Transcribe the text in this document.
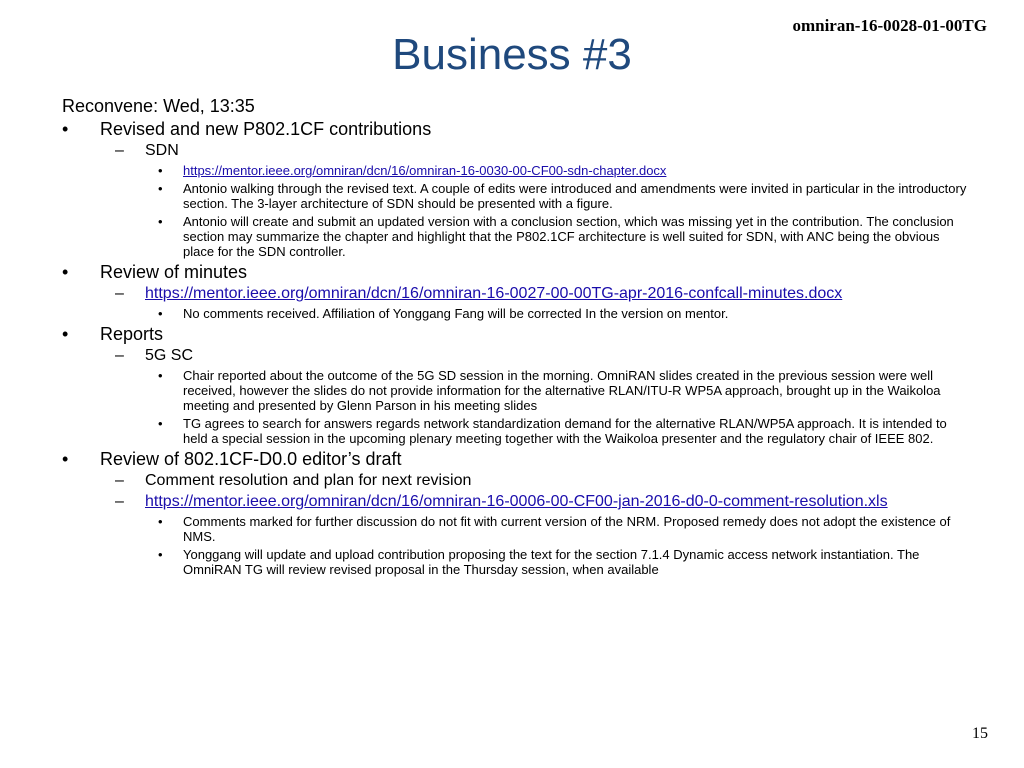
omniran-16-0028-01-00TG
Business #3
Reconvene: Wed, 13:35
• Revised and new P802.1CF contributions
– SDN
• https://mentor.ieee.org/omniran/dcn/16/omniran-16-0030-00-CF00-sdn-chapter.docx
• Antonio walking through the revised text. A couple of edits were introduced and amendments were invited in particular in the introductory section. The 3-layer architecture of SDN should be presented with a figure.
• Antonio will create and submit an updated version with a conclusion section, which was missing yet in the contribution. The conclusion section may summarize the chapter and highlight that the P802.1CF architecture is well suited for SDN, with ANC being the obvious place for the SDN controller.
• Review of minutes
– https://mentor.ieee.org/omniran/dcn/16/omniran-16-0027-00-00TG-apr-2016-confcall-minutes.docx
• No comments received. Affiliation of Yonggang Fang will be corrected In the version on mentor.
• Reports
– 5G SC
• Chair reported about the outcome of the 5G SD session in the morning. OmniRAN slides created in the previous session were well received, however the slides do not provide information for the alternative RLAN/ITU-R WP5A approach, brought up in the Waikoloa meeting and presented by Glenn Parson in his meeting slides
• TG agrees to search for answers regards network standardization demand for the alternative RLAN/WP5A approach. It is intended to held a special session in the upcoming plenary meeting together with the Waikoloa presenter and the regulatory chair of IEEE 802.
• Review of 802.1CF-D0.0 editor’s draft
– Comment resolution and plan for next revision
– https://mentor.ieee.org/omniran/dcn/16/omniran-16-0006-00-CF00-jan-2016-d0-0-comment-resolution.xls
• Comments marked for further discussion do not fit with current version of the NRM. Proposed remedy does not adopt the existence of NMS.
• Yonggang will update and upload contribution proposing the text for the section 7.1.4 Dynamic access network instantiation. The OmniRAN TG will review revised proposal in the Thursday session, when available
15
